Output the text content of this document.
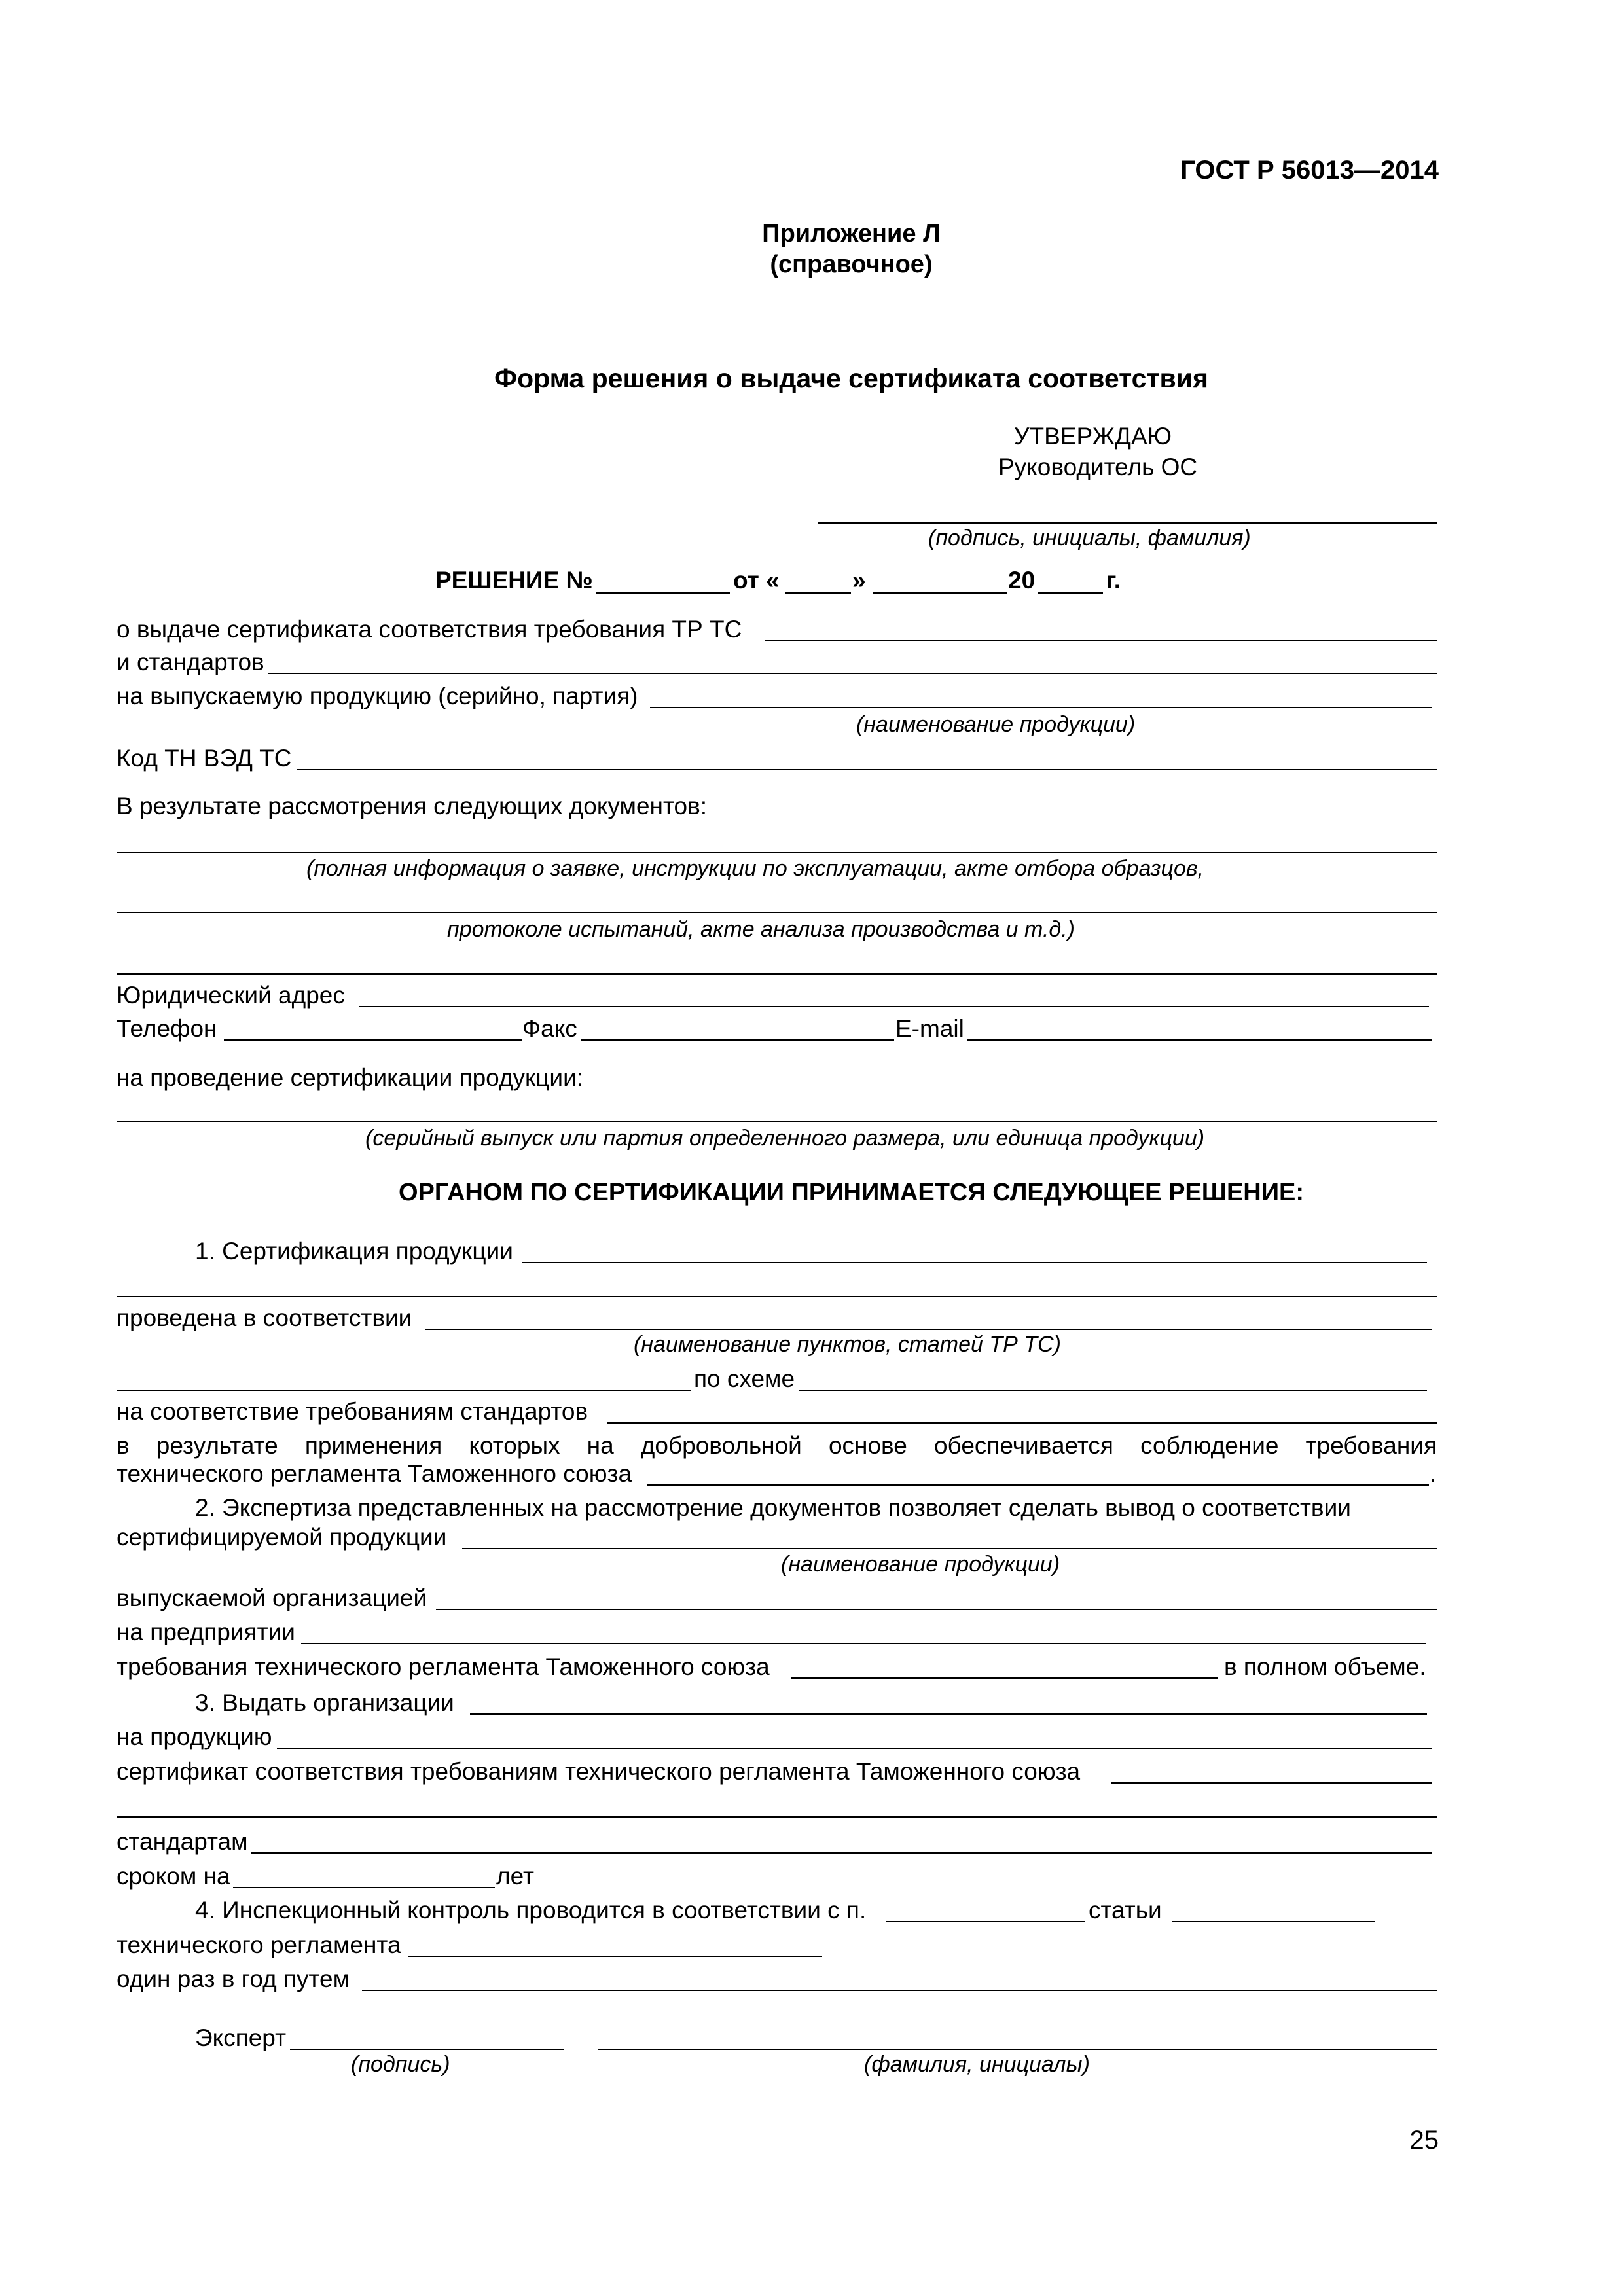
ГОСТ Р 56013—2014
Приложение Л
(справочное)
Форма решения о выдаче сертификата соответствия
УТВЕРЖДАЮ
Руководитель ОС
(подпись, инициалы, фамилия)
РЕШЕНИЕ №	от «	»	20	г.
о выдаче сертификата соответствия требования ТР ТС
и стандартов
на выпускаемую продукцию (серийно, партия)
(наименование продукции)
Код ТН ВЭД ТС
В результате рассмотрения следующих документов:
(полная информация о заявке, инструкции по эксплуатации, акте отбора образцов,
протоколе испытаний, акте анализа производства и т.д.)
Юридический адрес
Телефон	Факс	E-mail
на проведение сертификации продукции:
(серийный выпуск или партия определенного размера, или единица продукции)
ОРГАНОМ ПО СЕРТИФИКАЦИИ ПРИНИМАЕТСЯ СЛЕДУЮЩЕЕ РЕШЕНИЕ:
1. Сертификация продукции
проведена в соответствии
(наименование пунктов, статей ТР ТС)
по схеме
на соответствие требованиям стандартов
в результате применения которых на добровольной основе обеспечивается соблюдение требования
технического регламента Таможенного союза	.
2. Экспертиза представленных на рассмотрение документов позволяет сделать вывод о соответствии
сертифицируемой продукции
(наименование продукции)
выпускаемой организацией
на предприятии
требования технического регламента Таможенного союза	в полном объеме.
3. Выдать организации
на продукцию
сертификат соответствия требованиям технического регламента Таможенного союза
стандартам
сроком на	лет
4. Инспекционный контроль проводится в соответствии с п.	статьи
технического регламента
один раз в год путем
Эксперт
(подпись)	(фамилия, инициалы)
25
